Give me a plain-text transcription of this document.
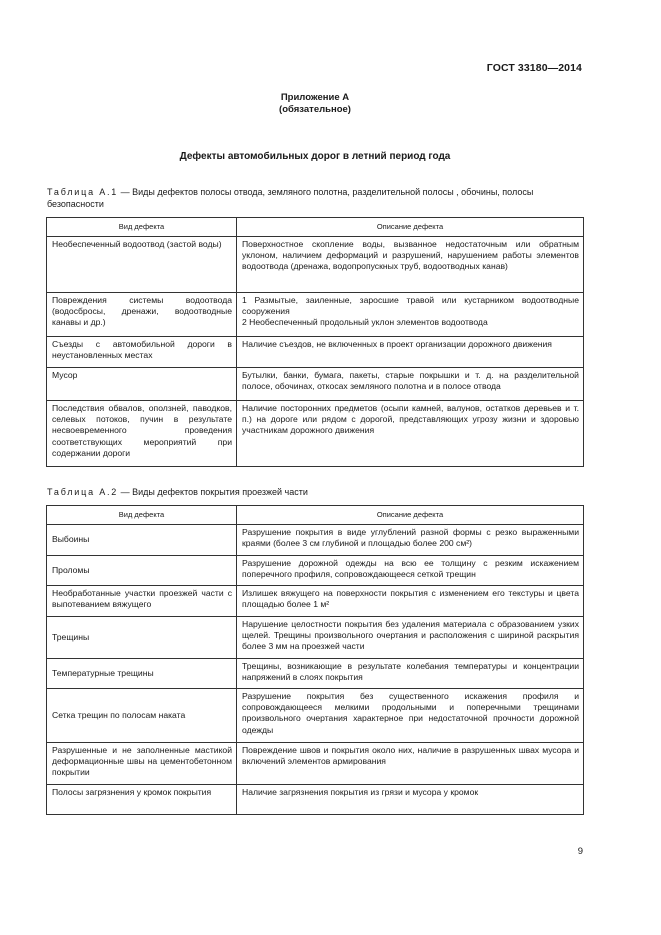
ГОСТ 33180—2014
Приложение А
(обязательное)
Дефекты автомобильных дорог в летний период года
Таблица А.1 — Виды дефектов полосы отвода, земляного полотна, разделительной полосы , обочины, полосы безопасности
Вид дефекта	Описание дефекта
Необеспеченный водоотвод (застой воды)	Поверхностное скопление воды, вызванное недостаточным или обратным уклоном, наличием деформаций и разрушений, нарушением работы элементов водоотвода (дренажа, водопропускных труб, водоотводных канав)
Повреждения системы водоотвода (водосбросы, дренажи, водоотводные канавы и др.)	1 Размытые, заиленные, заросшие травой или кустарником водоотводные сооружения
2 Необеспеченный продольный уклон элементов водоотвода
Съезды с автомобильной дороги в неустановленных местах	Наличие съездов, не включенных в проект организации дорожного движения
Мусор	Бутылки, банки, бумага, пакеты, старые покрышки и т. д. на разделительной полосе, обочинах, откосах земляного полотна и в полосе отвода
Последствия обвалов, оползней, паводков, селевых потоков, пучин в результате несвоевременного проведения соответствующих мероприятий при содержании дороги	Наличие посторонних предметов (осыпи камней, валунов, остатков деревьев и т. п.) на дороге или рядом с дорогой, представляющих угрозу жизни и здоровью участникам дорожного движения
Таблица А.2 — Виды дефектов покрытия проезжей части
Вид дефекта	Описание дефекта
Выбоины	Разрушение покрытия в виде углублений разной формы с резко выраженными краями (более 3 см глубиной и площадью более 200 см²)
Проломы	Разрушение дорожной одежды на всю ее толщину с резким искажением поперечного профиля, сопровождающееся сеткой трещин
Необработанные участки проезжей части с выпотеванием вяжущего	Излишек вяжущего на поверхности покрытия с изменением его текстуры и цвета площадью более 1 м²
Трещины	Нарушение целостности покрытия без удаления материала с образованием узких щелей. Трещины произвольного очертания и расположения с шириной раскрытия более 3 мм на проезжей части
Температурные трещины	Трещины, возникающие в результате колебания температуры и концентрации напряжений в слоях покрытия
Сетка трещин по полосам наката	Разрушение покрытия без существенного искажения профиля и сопровождающееся мелкими продольными и поперечными трещинами произвольного очертания характерное при недостаточной прочности дорожной одежды
Разрушенные и не заполненные мастикой деформационные швы на цементобетонном покрытии	Повреждение швов и покрытия около них, наличие в разрушенных швах мусора и включений элементов армирования
Полосы загрязнения у кромок покрытия	Наличие загрязнения покрытия из грязи и мусора у кромок
9
